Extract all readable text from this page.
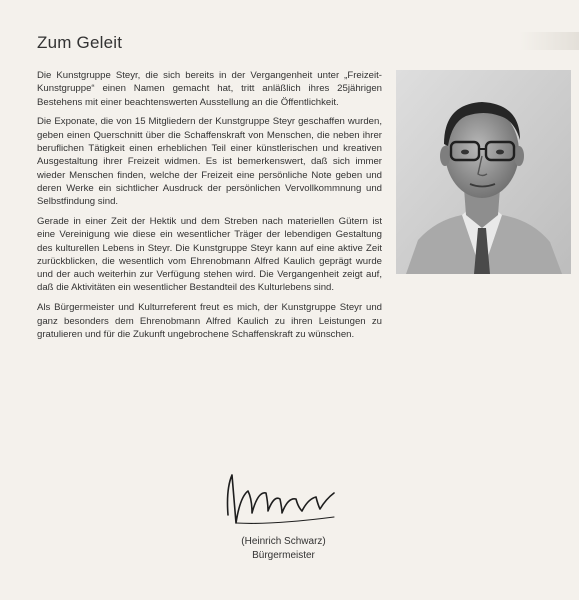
Zum Geleit

Die Kunstgruppe Steyr, die sich bereits in der Vergangenheit unter „Freizeit-Kunstgruppe“ einen Namen gemacht hat, tritt anläßlich ihres 25jährigen Bestehens mit einer beachtenswerten Ausstellung an die Öffentlichkeit.

Die Exponate, die von 15 Mitgliedern der Kunstgruppe Steyr geschaffen wurden, geben einen Querschnitt über die Schaffenskraft von Menschen, die neben ihrer beruflichen Tätigkeit einen erheblichen Teil einer künstlerischen und kreativen Ausgestaltung ihrer Freizeit widmen. Es ist bemerkenswert, daß sich immer wieder Menschen finden, welche der Freizeit eine persönliche Note geben und deren Werke ein sichtlicher Ausdruck der persönlichen Vervollkommnung und Selbstfindung sind.

Gerade in einer Zeit der Hektik und dem Streben nach materiellen Gütern ist eine Vereinigung wie diese ein wesentlicher Träger der lebendigen Gestaltung des kulturellen Lebens in Steyr. Die Kunstgruppe Steyr kann auf eine aktive Zeit zurückblicken, die wesentlich vom Ehrenobmann Alfred Kaulich geprägt wurde und der auch weiterhin zur Verfügung stehen wird. Die Vergangenheit zeigt auf, daß die Aktivitäten ein wesentlicher Bestandteil des Kulturlebens sind.

Als Bürgermeister und Kulturreferent freut es mich, der Kunstgruppe Steyr und ganz besonders dem Ehrenobmann Alfred Kaulich zu ihren Leistungen zu gratulieren und für die Zukunft ungebrochene Schaffenskraft zu wünschen.

(Heinrich Schwarz)
Bürgermeister
